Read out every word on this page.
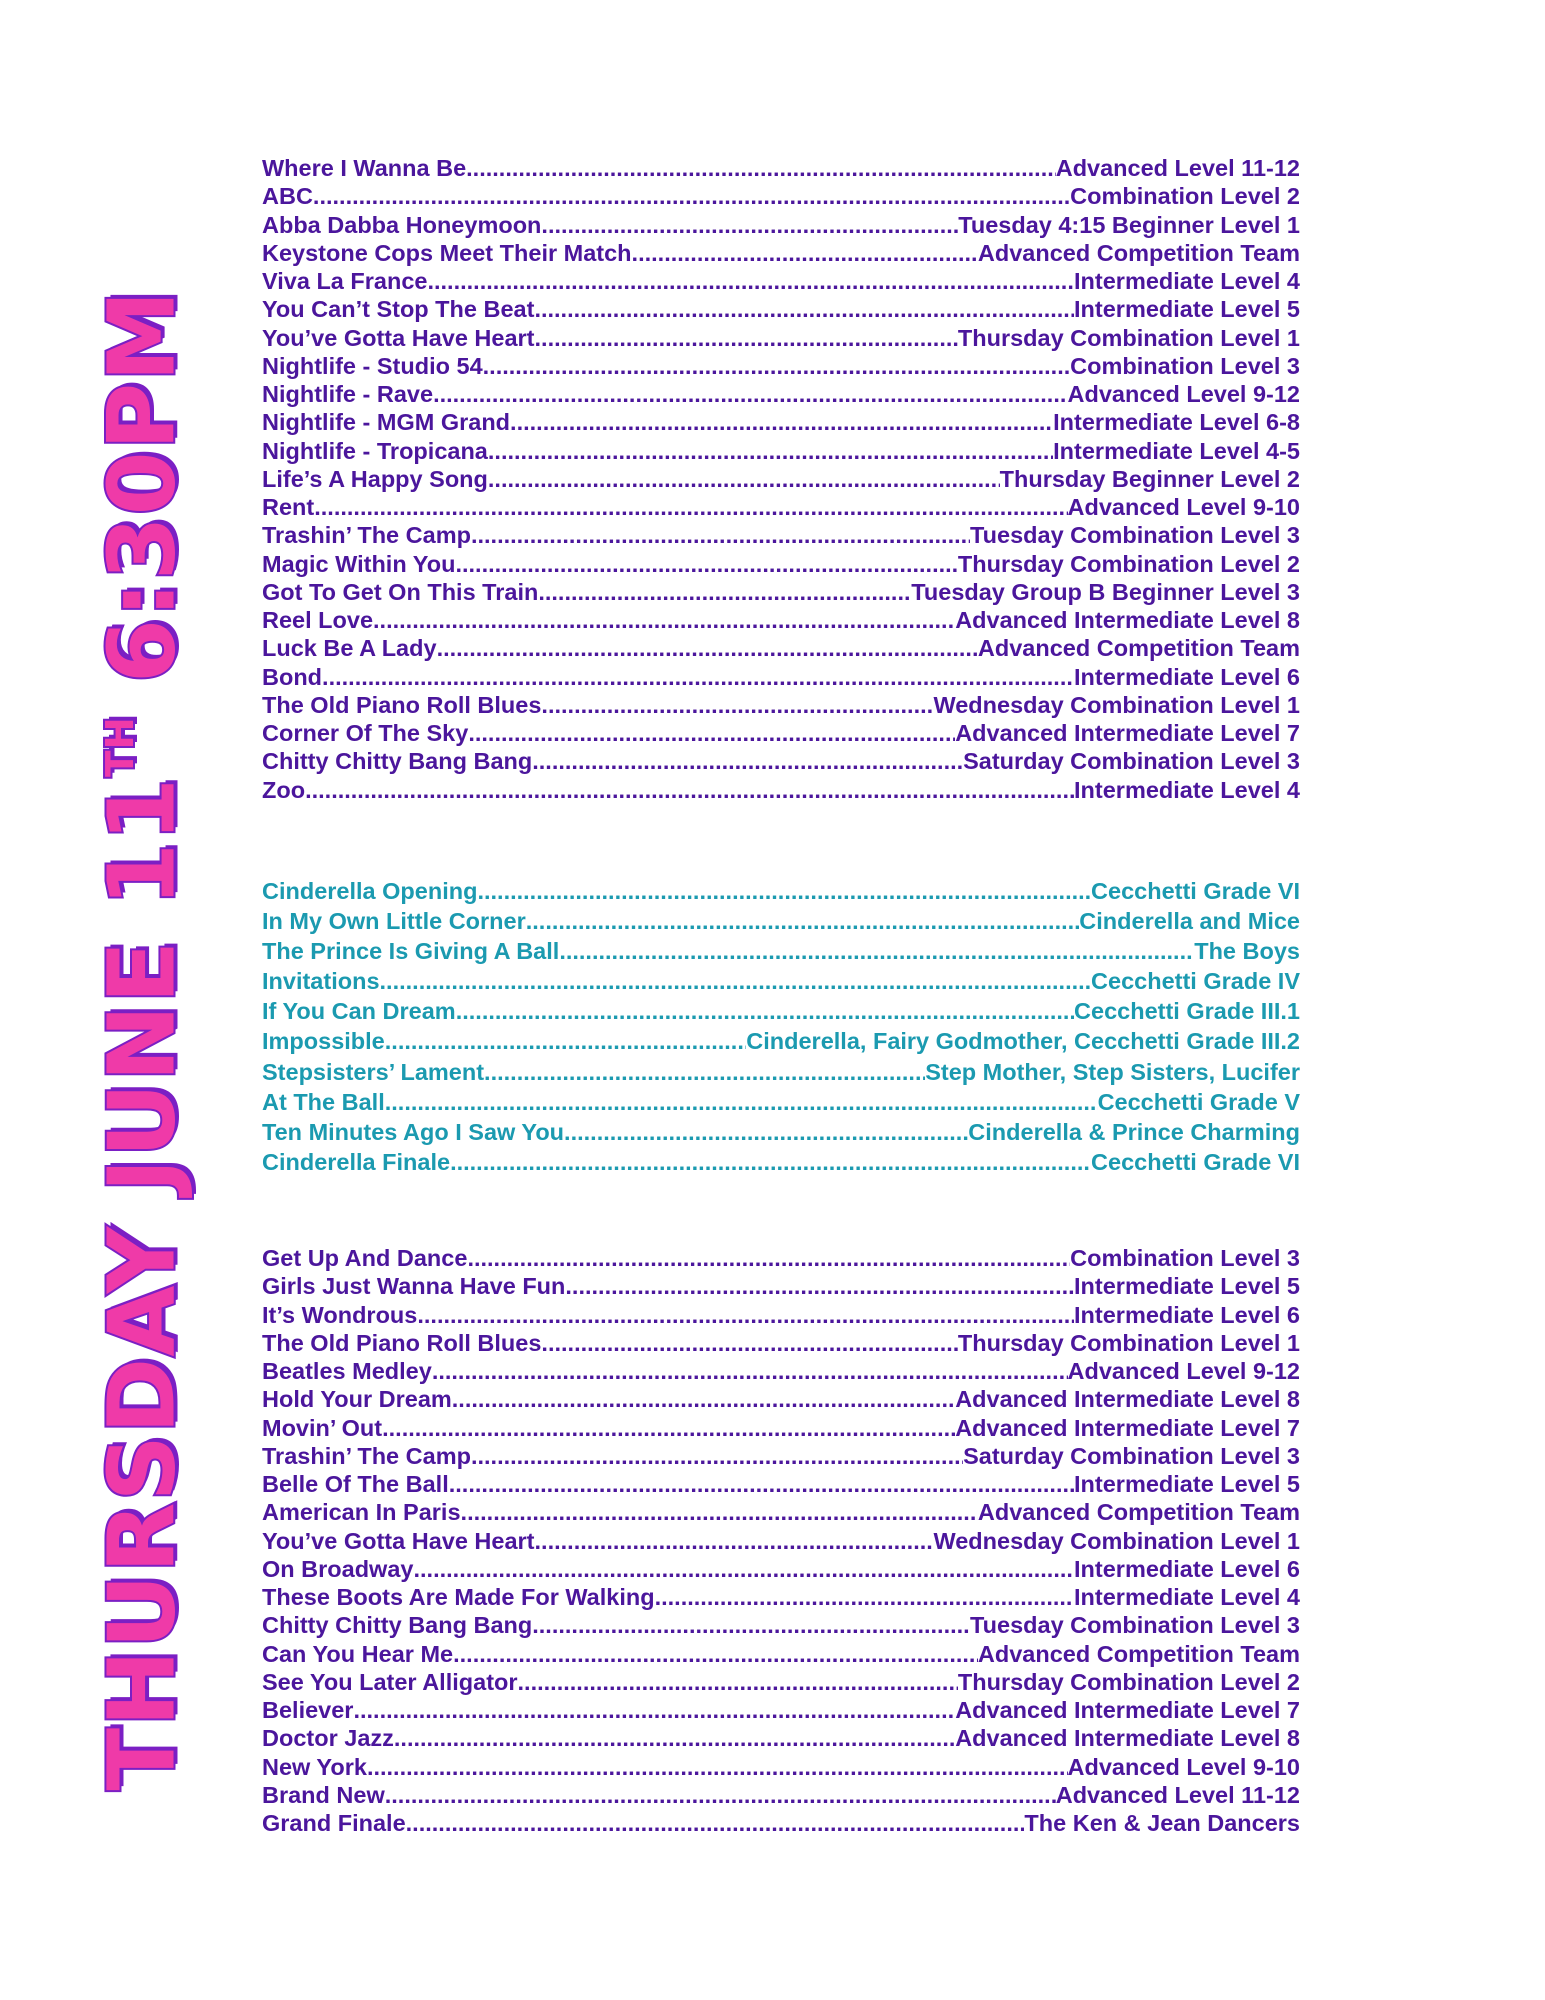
THURSDAY JUNE 11TH 6:30PM
Where I Wanna Be .....	Advanced Level 11-12
ABC .....	Combination Level 2
Abba Dabba Honeymoon .....	Tuesday 4:15 Beginner Level 1
Keystone Cops Meet Their Match .....	Advanced Competition Team
Viva La France .....	Intermediate Level 4
You Can’t Stop The Beat .....	Intermediate Level 5
You’ve Gotta Have Heart .....	Thursday Combination Level 1
Nightlife - Studio 54 .....	Combination Level 3
Nightlife - Rave .....	Advanced Level 9-12
Nightlife - MGM Grand .....	Intermediate Level 6-8
Nightlife - Tropicana .....	Intermediate Level 4-5
Life’s A Happy Song .....	Thursday Beginner Level 2
Rent .....	Advanced Level 9-10
Trashin’ The Camp .....	Tuesday Combination Level 3
Magic Within You .....	Thursday Combination Level 2
Got To Get On This Train .....	Tuesday Group B Beginner Level 3
Reel Love .....	Advanced Intermediate Level 8
Luck Be A Lady .....	Advanced Competition Team
Bond .....	Intermediate Level 6
The Old Piano Roll Blues .....	Wednesday Combination Level 1
Corner Of The Sky .....	Advanced Intermediate Level 7
Chitty Chitty Bang Bang .....	Saturday Combination Level 3
Zoo .....	Intermediate Level 4
Cinderella Opening .....	Cecchetti Grade VI
In My Own Little Corner .....	Cinderella and Mice
The Prince Is Giving A Ball .....	The Boys
Invitations .....	Cecchetti Grade IV
If You Can Dream .....	Cecchetti Grade III.1
Impossible .....	Cinderella, Fairy Godmother, Cecchetti Grade III.2
Stepsisters’ Lament .....	Step Mother, Step Sisters, Lucifer
At The Ball .....	Cecchetti Grade V
Ten Minutes Ago I Saw You .....	Cinderella & Prince Charming
Cinderella Finale .....	Cecchetti Grade VI
Get Up And Dance .....	Combination Level 3
Girls Just Wanna Have Fun .....	Intermediate Level 5
It’s Wondrous .....	Intermediate Level 6
The Old Piano Roll Blues .....	Thursday Combination Level 1
Beatles Medley .....	Advanced Level 9-12
Hold Your Dream .....	Advanced Intermediate Level 8
Movin’ Out .....	Advanced Intermediate Level 7
Trashin’ The Camp .....	Saturday Combination Level 3
Belle Of The Ball .....	Intermediate Level 5
American In Paris .....	Advanced Competition Team
You’ve Gotta Have Heart .....	Wednesday Combination Level 1
On Broadway .....	Intermediate Level 6
These Boots Are Made For Walking .....	Intermediate Level 4
Chitty Chitty Bang Bang .....	Tuesday Combination Level 3
Can You Hear Me .....	Advanced Competition Team
See You Later Alligator .....	Thursday Combination Level 2
Believer .....	Advanced Intermediate Level 7
Doctor Jazz .....	Advanced Intermediate Level 8
New York .....	Advanced Level 9-10
Brand New .....	Advanced Level 11-12
Grand Finale .....	The Ken & Jean Dancers
